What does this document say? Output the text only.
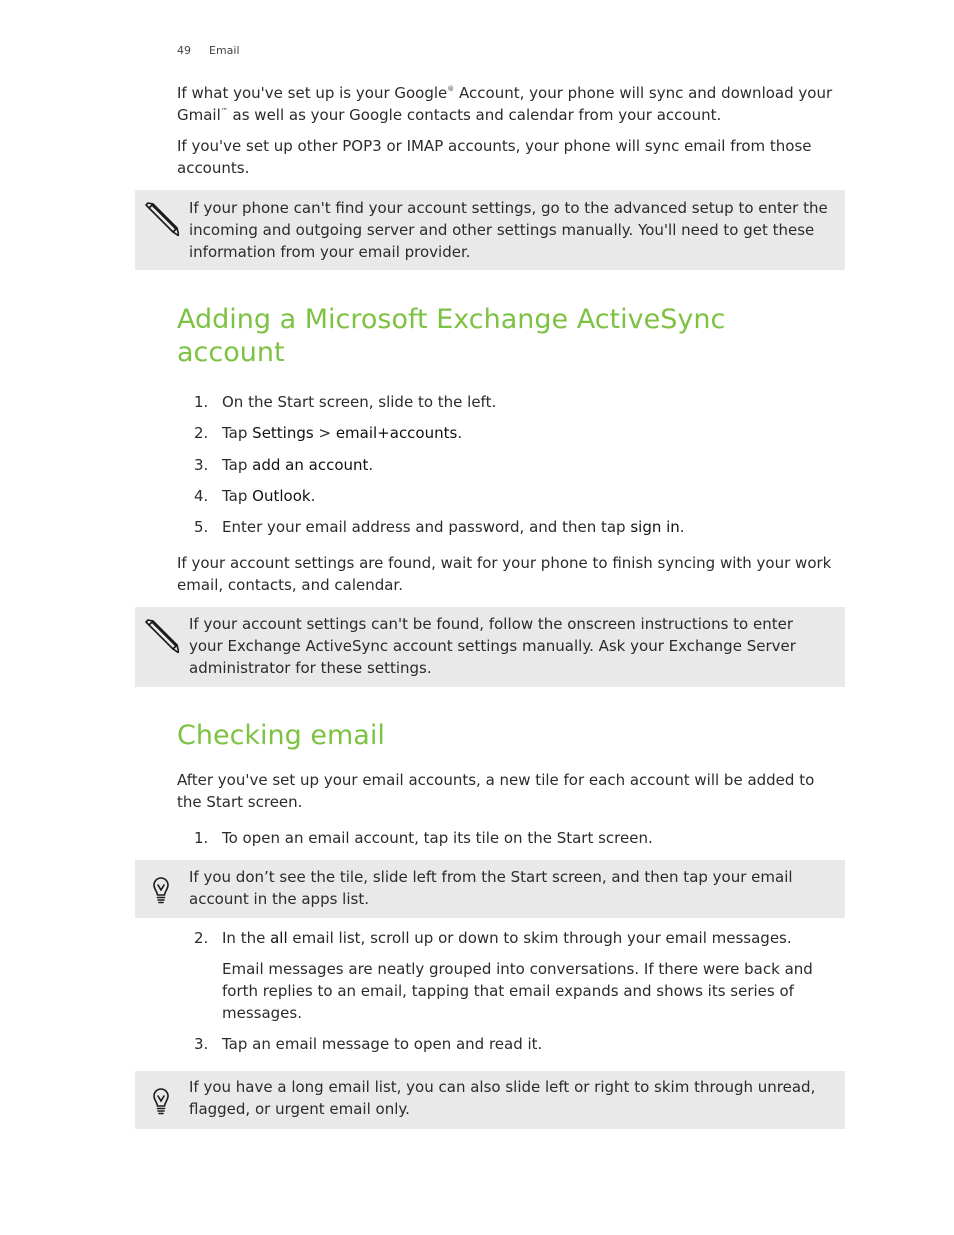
49 Email

If what you've set up is your Google® Account, your phone will sync and download your Gmail™ as well as your Google contacts and calendar from your account.

If you've set up other POP3 or IMAP accounts, your phone will sync email from those accounts.

If your phone can't find your account settings, go to the advanced setup to enter the incoming and outgoing server and other settings manually. You'll need to get these information from your email provider.

Adding a Microsoft Exchange ActiveSync account
1. On the Start screen, slide to the left.
2. Tap Settings > email+accounts.
3. Tap add an account.
4. Tap Outlook.
5. Enter your email address and password, and then tap sign in.

If your account settings are found, wait for your phone to finish syncing with your work email, contacts, and calendar.

If your account settings can't be found, follow the onscreen instructions to enter your Exchange ActiveSync account settings manually. Ask your Exchange Server administrator for these settings.

Checking email

After you've set up your email accounts, a new tile for each account will be added to the Start screen.

1. To open an email account, tap its tile on the Start screen.

If you don’t see the tile, slide left from the Start screen, and then tap your email account in the apps list.

2. In the all email list, scroll up or down to skim through your email messages.

Email messages are neatly grouped into conversations. If there were back and forth replies to an email, tapping that email expands and shows its series of messages.

3. Tap an email message to open and read it.

If you have a long email list, you can also slide left or right to skim through unread, flagged, or urgent email only.
